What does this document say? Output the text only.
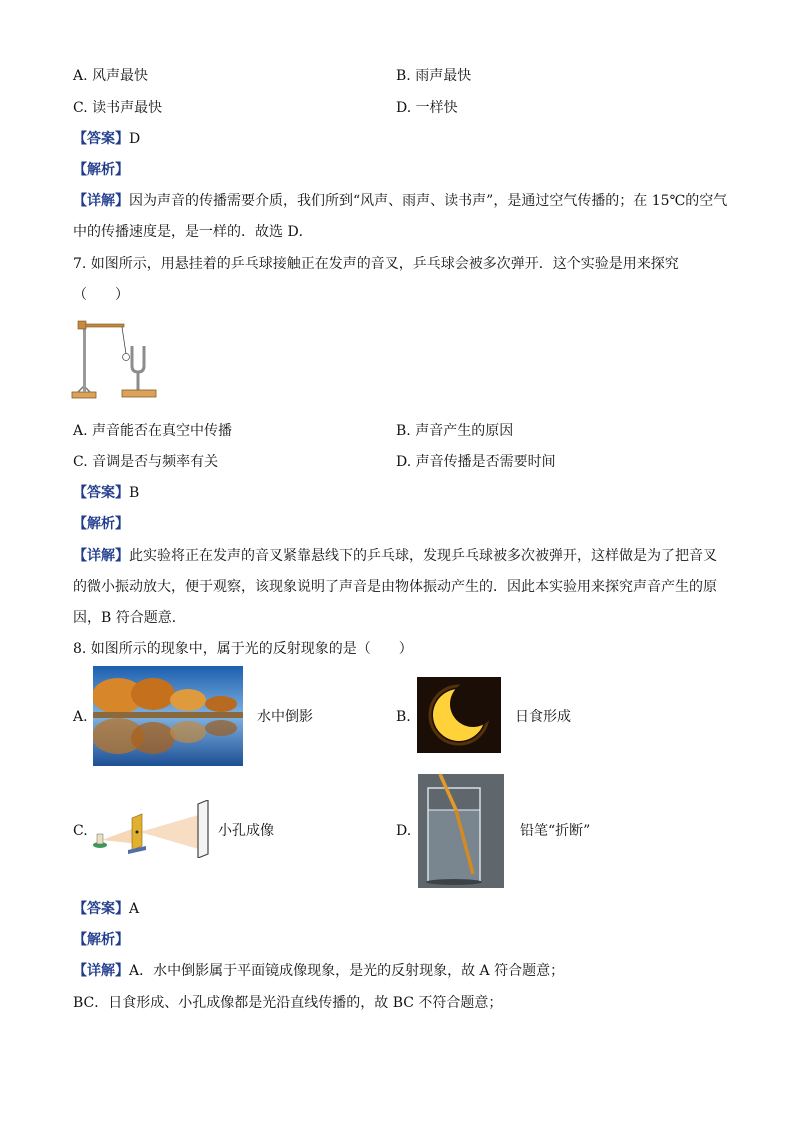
A. 风声最快	B. 雨声最快
C. 读书声最快	D. 一样快
【答案】D
【解析】
【详解】因为声音的传播需要介质，我们所到“风声、雨声、读书声”，是通过空气传播的；在 15℃的空气
中的传播速度是，是一样的．故选 D．
7. 如图所示，用悬挂着的乒乓球接触正在发声的音叉，乒乓球会被多次弹开．这个实验是用来探究
（　　）
A. 声音能否在真空中传播	B. 声音产生的原因
C. 音调是否与频率有关	D. 声音传播是否需要时间
【答案】B
【解析】
【详解】此实验将正在发声的音叉紧靠悬线下的乒乓球，发现乒乓球被多次被弹开，这样做是为了把音叉
的微小振动放大，便于观察，该现象说明了声音是由物体振动产生的．因此本实验用来探究声音产生的原
因，B 符合题意．
8. 如图所示的现象中，属于光的反射现象的是（　　）
A.	水中倒影	B.	日食形成
C.	小孔成像	D.	铅笔“折断”
【答案】A
【解析】
【详解】A．水中倒影属于平面镜成像现象，是光的反射现象，故 A 符合题意；
BC．日食形成、小孔成像都是光沿直线传播的，故 BC 不符合题意；
